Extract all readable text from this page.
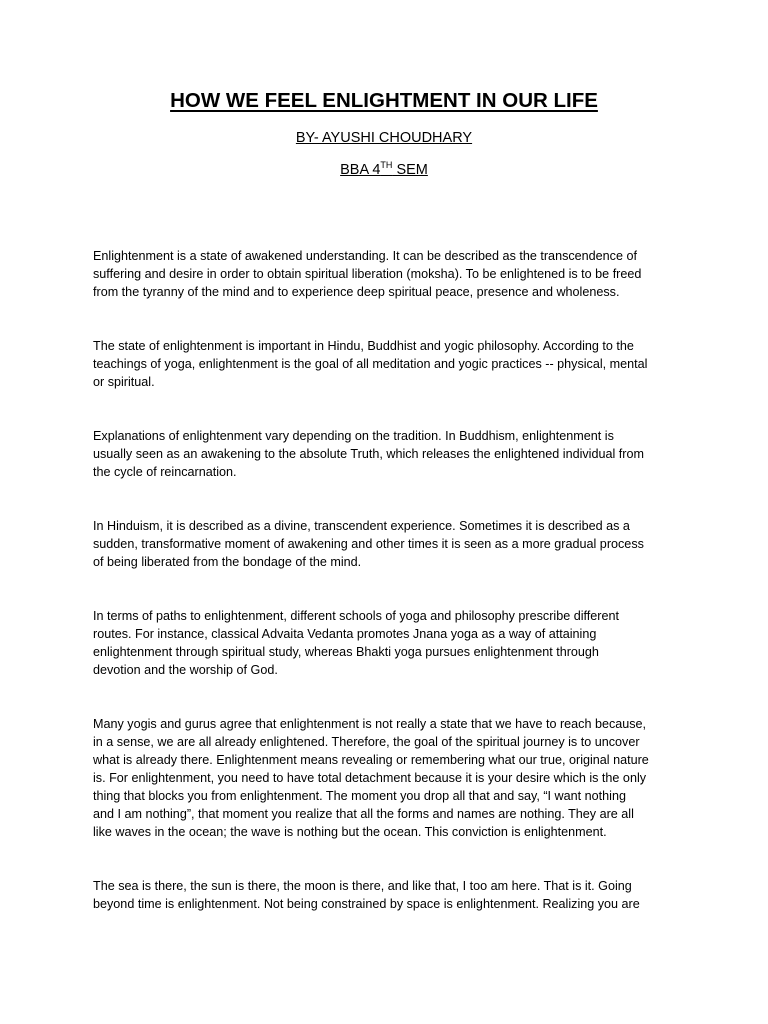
HOW WE FEEL ENLIGHTMENT IN OUR LIFE

BY- AYUSHI CHOUDHARY

BBA 4TH SEM

Enlightenment is a state of awakened understanding. It can be described as the transcendence of
suffering and desire in order to obtain spiritual liberation (moksha). To be enlightened is to be freed
from the tyranny of the mind and to experience deep spiritual peace, presence and wholeness.

The state of enlightenment is important in Hindu, Buddhist and yogic philosophy. According to the
teachings of yoga, enlightenment is the goal of all meditation and yogic practices -- physical, mental
or spiritual.

Explanations of enlightenment vary depending on the tradition. In Buddhism, enlightenment is
usually seen as an awakening to the absolute Truth, which releases the enlightened individual from
the cycle of reincarnation.

In Hinduism, it is described as a divine, transcendent experience. Sometimes it is described as a
sudden, transformative moment of awakening and other times it is seen as a more gradual process
of being liberated from the bondage of the mind.

In terms of paths to enlightenment, different schools of yoga and philosophy prescribe different
routes. For instance, classical Advaita Vedanta promotes Jnana yoga as a way of attaining
enlightenment through spiritual study, whereas Bhakti yoga pursues enlightenment through
devotion and the worship of God.

Many yogis and gurus agree that enlightenment is not really a state that we have to reach because,
in a sense, we are all already enlightened. Therefore, the goal of the spiritual journey is to uncover
what is already there. Enlightenment means revealing or remembering what our true, original nature
is. For enlightenment, you need to have total detachment because it is your desire which is the only
thing that blocks you from enlightenment. The moment you drop all that and say, “I want nothing
and I am nothing”, that moment you realize that all the forms and names are nothing. They are all
like waves in the ocean; the wave is nothing but the ocean. This conviction is enlightenment.

The sea is there, the sun is there, the moon is there, and like that, I too am here. That is it. Going
beyond time is enlightenment. Not being constrained by space is enlightenment. Realizing you are
